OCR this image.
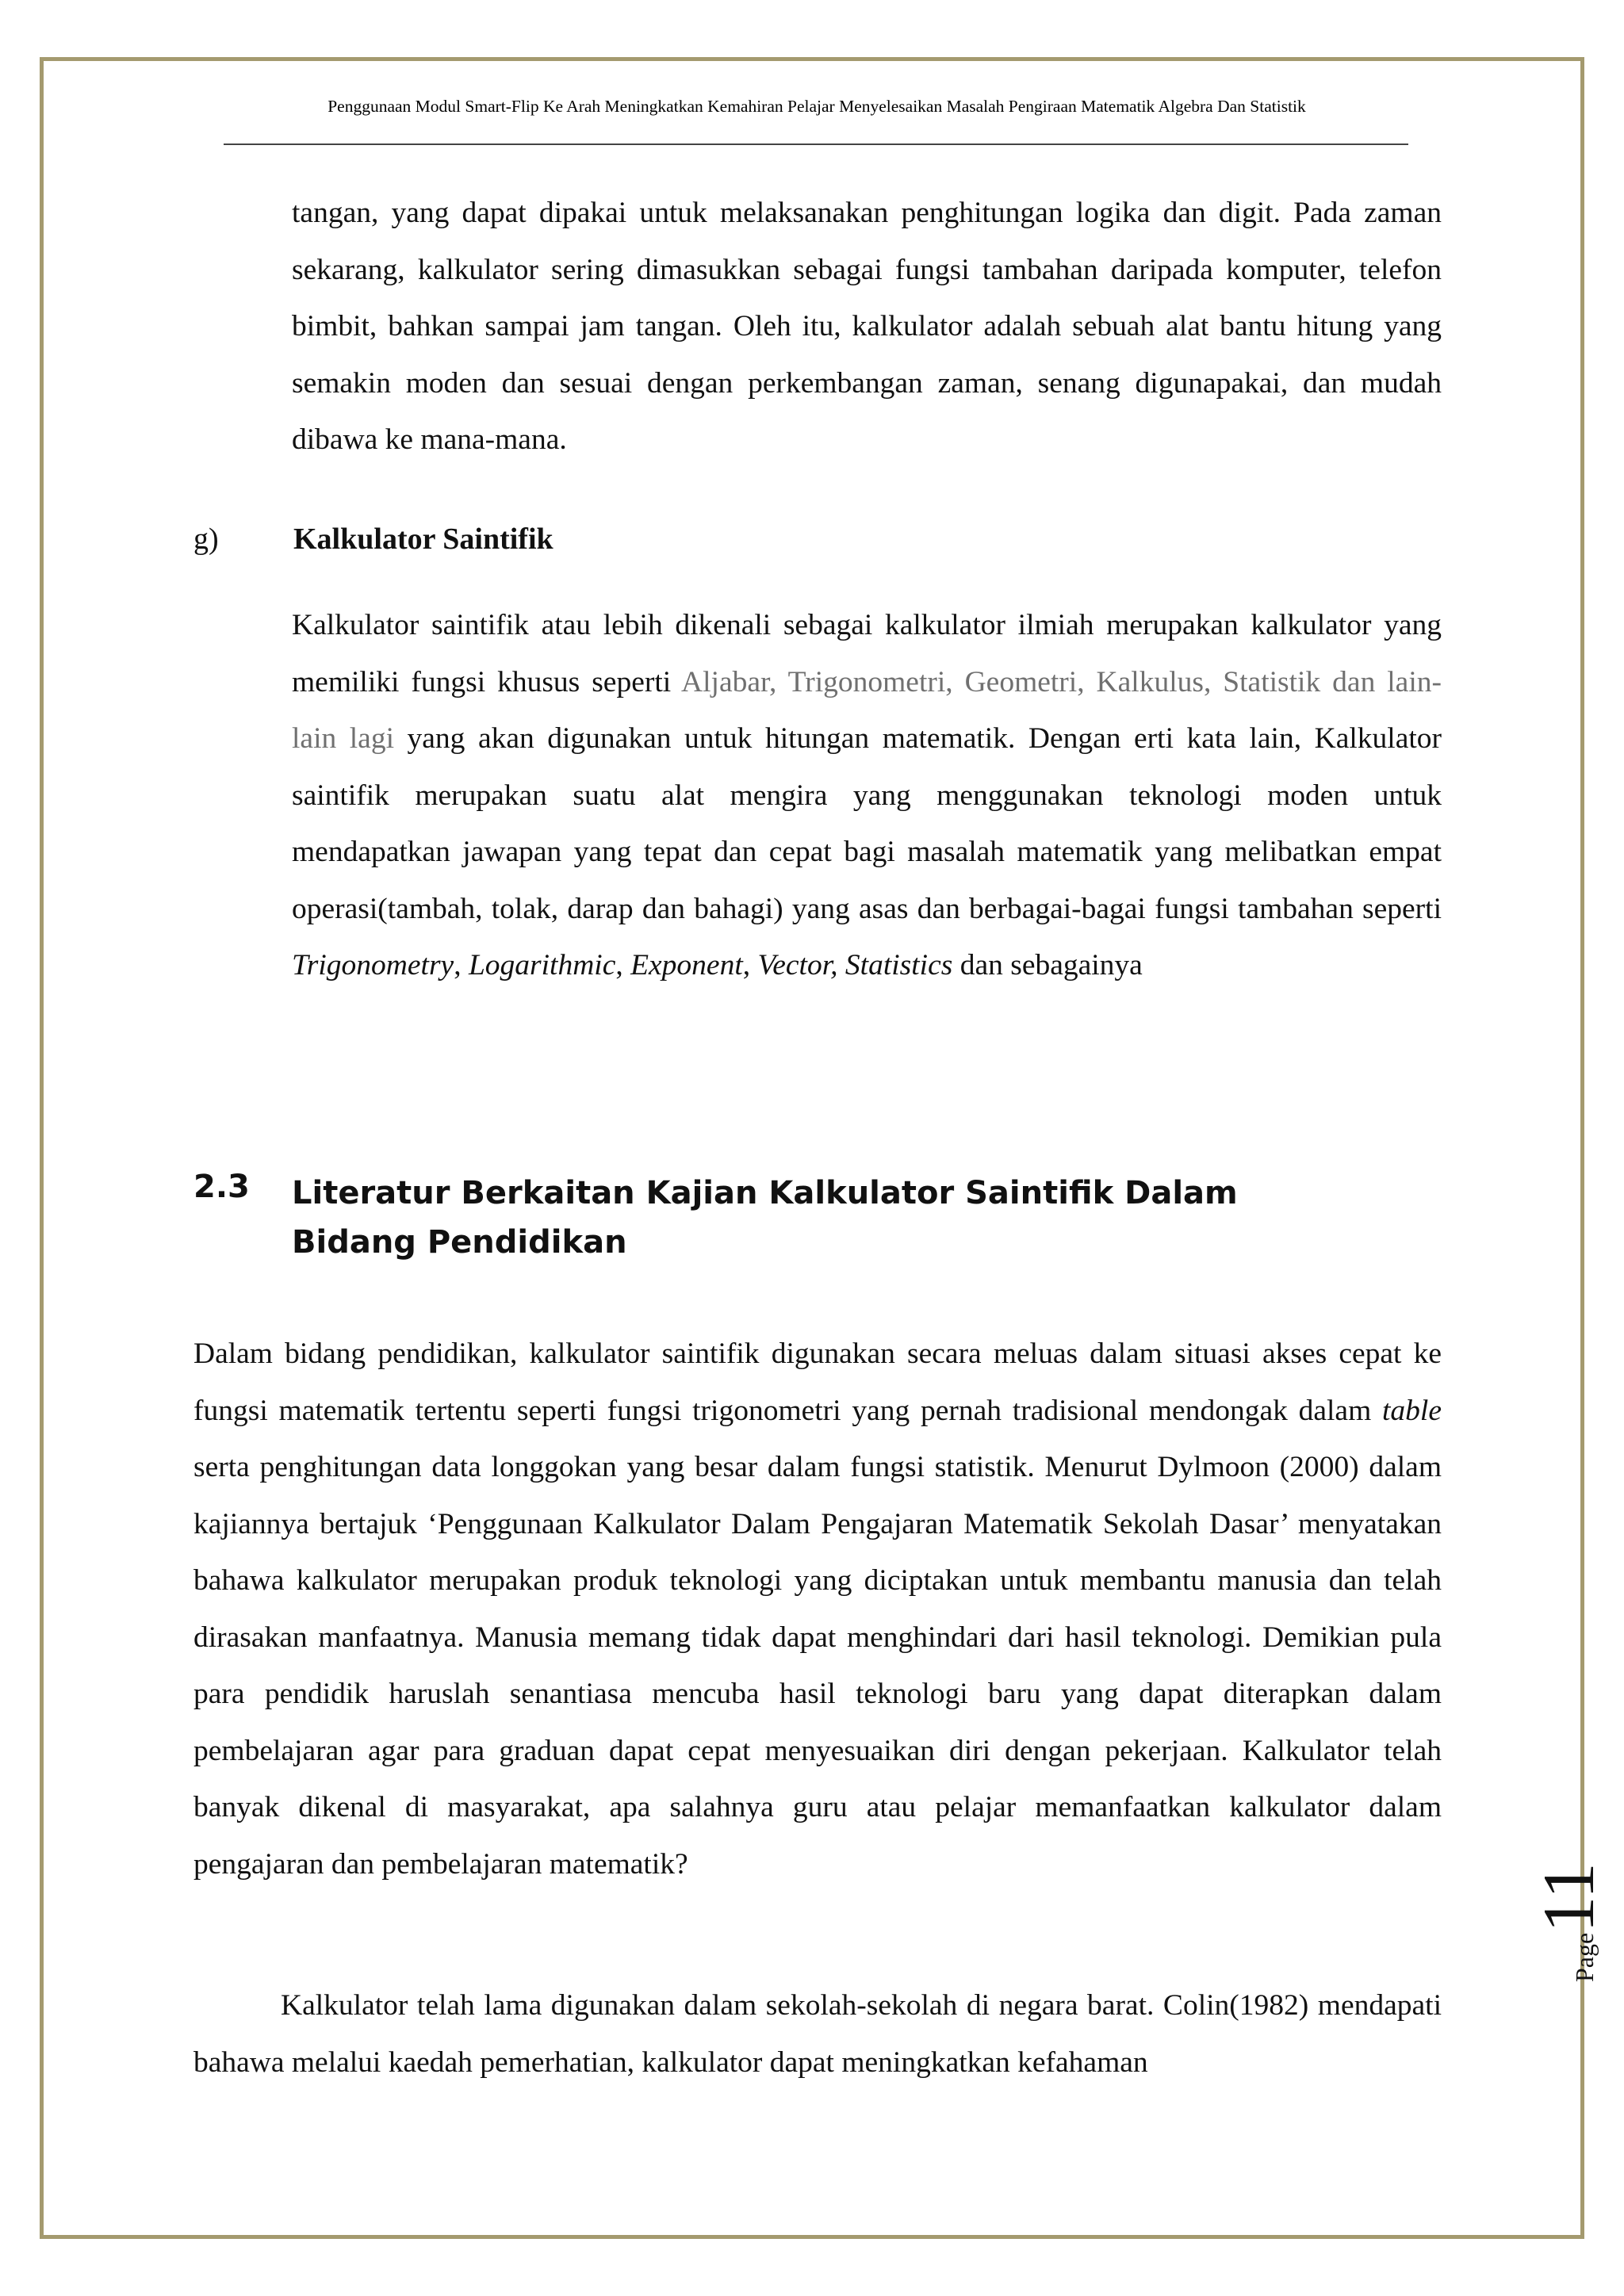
Penggunaan Modul Smart-Flip Ke Arah Meningkatkan Kemahiran Pelajar Menyelesaikan Masalah Pengiraan Matematik Algebra Dan Statistik

tangan, yang dapat dipakai untuk melaksanakan penghitungan logika dan digit. Pada zaman sekarang, kalkulator sering dimasukkan sebagai fungsi tambahan daripada komputer, telefon bimbit, bahkan sampai jam tangan. Oleh itu, kalkulator adalah sebuah alat bantu hitung yang semakin moden dan sesuai dengan perkembangan zaman, senang digunapakai, dan mudah dibawa ke mana-mana.

g) Kalkulator Saintifik

Kalkulator saintifik atau lebih dikenali sebagai kalkulator ilmiah merupakan kalkulator yang memiliki fungsi khusus seperti Aljabar, Trigonometri, Geometri, Kalkulus, Statistik dan lain-lain lagi yang akan digunakan untuk hitungan matematik. Dengan erti kata lain, Kalkulator saintifik merupakan suatu alat mengira yang menggunakan teknologi moden untuk mendapatkan jawapan yang tepat dan cepat bagi masalah matematik yang melibatkan empat operasi(tambah, tolak, darap dan bahagi) yang asas dan berbagai-bagai fungsi tambahan seperti Trigonometry, Logarithmic, Exponent, Vector, Statistics dan sebagainya

2.3 Literatur Berkaitan Kajian Kalkulator Saintifik Dalam Bidang Pendidikan

Dalam bidang pendidikan, kalkulator saintifik digunakan secara meluas dalam situasi akses cepat ke fungsi matematik tertentu seperti fungsi trigonometri yang pernah tradisional mendongak dalam table serta penghitungan data longgokan yang besar dalam fungsi statistik. Menurut Dylmoon (2000) dalam kajiannya bertajuk ‘Penggunaan Kalkulator Dalam Pengajaran Matematik Sekolah Dasar’ menyatakan bahawa kalkulator merupakan produk teknologi yang diciptakan untuk membantu manusia dan telah dirasakan manfaatnya. Manusia memang tidak dapat menghindari dari hasil teknologi. Demikian pula para pendidik haruslah senantiasa mencuba hasil teknologi baru yang dapat diterapkan dalam pembelajaran agar para graduan dapat cepat menyesuaikan diri dengan pekerjaan. Kalkulator telah banyak dikenal di masyarakat, apa salahnya guru atau pelajar memanfaatkan kalkulator dalam pengajaran dan pembelajaran matematik?

Kalkulator telah lama digunakan dalam sekolah-sekolah di negara barat. Colin(1982) mendapati bahawa melalui kaedah pemerhatian, kalkulator dapat meningkatkan kefahaman

Page11
